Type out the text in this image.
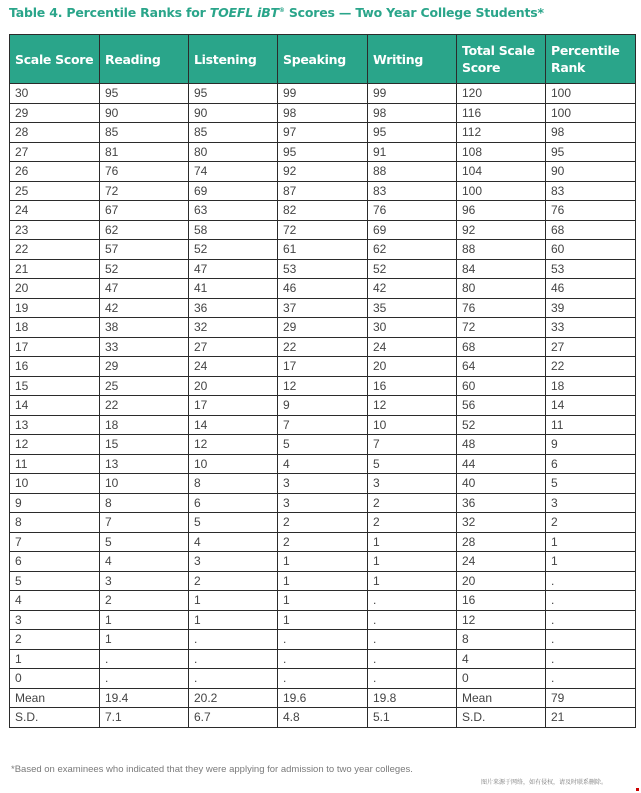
Table 4. Percentile Ranks for TOEFL iBT® Scores — Two Year College Students*
Scale Score	Reading	Listening	Speaking	Writing	Total Scale Score	Percentile Rank
30	95	95	99	99	120	100
29	90	90	98	98	116	100
28	85	85	97	95	112	98
27	81	80	95	91	108	95
26	76	74	92	88	104	90
25	72	69	87	83	100	83
24	67	63	82	76	96	76
23	62	58	72	69	92	68
22	57	52	61	62	88	60
21	52	47	53	52	84	53
20	47	41	46	42	80	46
19	42	36	37	35	76	39
18	38	32	29	30	72	33
17	33	27	22	24	68	27
16	29	24	17	20	64	22
15	25	20	12	16	60	18
14	22	17	9	12	56	14
13	18	14	7	10	52	11
12	15	12	5	7	48	9
11	13	10	4	5	44	6
10	10	8	3	3	40	5
9	8	6	3	2	36	3
8	7	5	2	2	32	2
7	5	4	2	1	28	1
6	4	3	1	1	24	1
5	3	2	1	1	20	.
4	2	1	1	.	16	.
3	1	1	1	.	12	.
2	1	.	.	.	8	.
1	.	.	.	.	4	.
0	.	.	.	.	0	.
Mean	19.4	20.2	19.6	19.8	Mean	79
S.D.	7.1	6.7	4.8	5.1	S.D.	21
*Based on examinees who indicated that they were applying for admission to two year colleges.
图片来源于网络，如有侵权，请及时联系删除。
